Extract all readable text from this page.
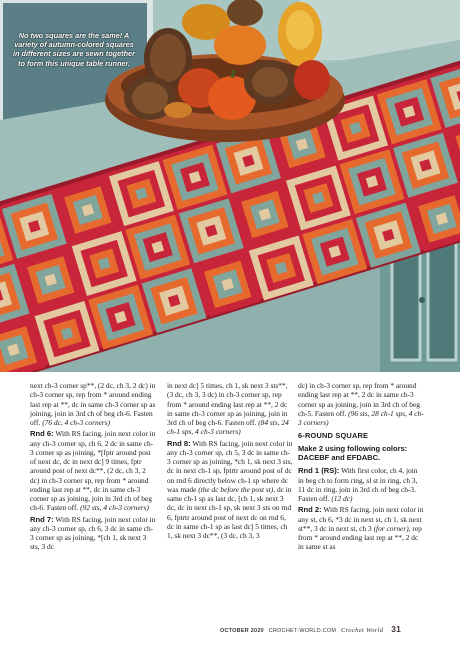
No two squares are the same! A variety of autumn-colored squares in different sizes are sewn together to form this unique table runner.

next ch-3 corner sp**, (2 dc, ch 3, 2 dc) in ch-3 corner sp, rep from * around ending last rep at **, dc in same ch-3 corner sp as joining, join in 3rd ch of beg ch-6. Fasten off. (76 dc, 4 ch-3 corners)

Rnd 6: With RS facing, join next color in any ch-3 corner sp, ch 6, 2 dc in same ch-3 corner sp as joining, *[fptr around post of next dc, dc in next dc] 9 times, fptr around post of next dc**, (2 dc, ch 3, 2 dc) in ch-3 corner sp, rep from * around ending last rep at **, dc in same ch-3 corner sp as joining, join in 3rd ch of beg ch-6. Fasten off. (92 sts, 4 ch-3 corners)

Rnd 7: With RS facing, join next color in any ch-3 corner sp, ch 6, 3 dc in same ch-3 corner sp as joining, *[ch 1, sk next 3 sts, 3 dc

in next dc] 5 times, ch 1, sk next 3 sts**, (3 dc, ch 3, 3 dc) in ch-3 corner sp, rep from * around ending last rep at **, 2 dc in same ch-3 corner sp as joining, join in 3rd ch of beg ch-6. Fasten off. (84 sts, 24 ch-1 sps, 4 ch-3 corners)

Rnd 8: With RS facing, join next color in any ch-3 corner sp, ch 5, 3 dc in same ch-3 corner sp as joining, *ch 1, sk next 3 sts, dc in next ch-1 sp, fptrtr around post of dc on rnd 6 directly below ch-1 sp where dc was made (the dc before the post st), dc in same ch-1 sp as last dc, [ch 1, sk next 3 dc, dc in next ch-1 sp, sk next 3 sts on rnd 6, fptrtr around post of next dc on rnd 6, dc in same ch-1 sp as last dc] 5 times, ch 1, sk next 3 dc**, (3 dc, ch 3, 3

dc) in ch-3 corner sp, rep from * around ending last rep at **, 2 dc in same ch-3 corner sp as joining, join in 3rd ch of beg ch-5. Fasten off. (96 sts, 28 ch-1 sps, 4 ch-3 corners)

6-ROUND SQUARE
Make 2 using following colors: DACEBF and EFDABC.

Rnd 1 (RS): With first color, ch 4, join in beg ch to form ring, sl st in ring, ch 3, 11 dc in ring, join in 3rd ch of beg ch-3. Fasten off. (12 dc)

Rnd 2: With RS facing, join next color in any st, ch 6, *3 dc in next st, ch 1, sk next st**, 3 dc in next st, ch 3 (for corner), rep from * around ending last rep at **, 2 dc in same st as

OCTOBER 2020 CROCHET-WORLD.COM Crochet World 31
